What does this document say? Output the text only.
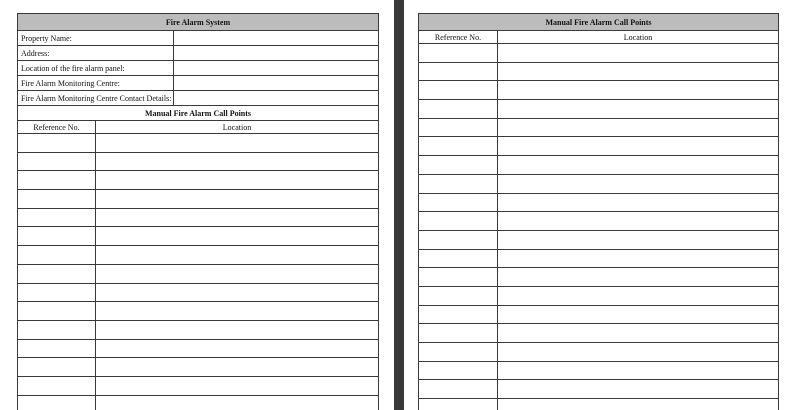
Fire Alarm System		
Property Name:		
Address:		
Location of the fire alarm panel:		
Fire Alarm Monitoring Centre:		
Fire Alarm Monitoring Centre Contact Details:		
Manual Fire Alarm Call Points		
Reference No.	Location	

Manual Fire Alarm Call Points	
Reference No.	Location
